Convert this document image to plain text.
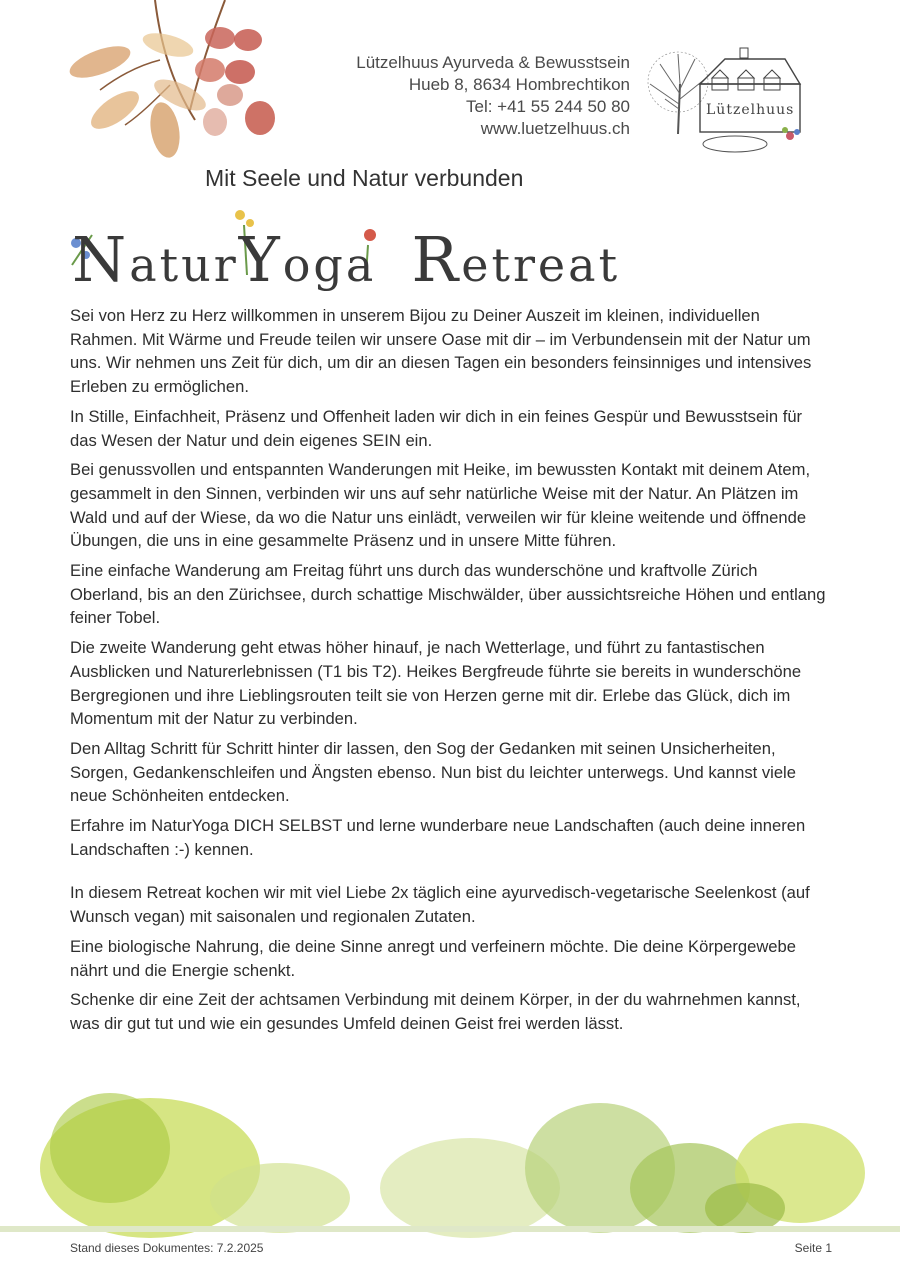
Lützelhuus Ayurveda & Bewusstsein
Hueb 8, 8634 Hombrechtikon
Tel: +41 55 244 50 80
www.luetzelhuus.ch
Lützelhuus
Mit Seele und Natur verbunden
NaturYoga Retreat

Sei von Herz zu Herz willkommen in unserem Bijou zu Deiner Auszeit im kleinen, individuellen Rahmen. Mit Wärme und Freude teilen wir unsere Oase mit dir – im Verbundensein mit der Natur um uns. Wir nehmen uns Zeit für dich, um dir an diesen Tagen ein besonders feinsinniges und intensives Erleben zu ermöglichen.

In Stille, Einfachheit, Präsenz und Offenheit laden wir dich in ein feines Gespür und Bewusstsein für das Wesen der Natur und dein eigenes SEIN ein.

Bei genussvollen und entspannten Wanderungen mit Heike, im bewussten Kontakt mit deinem Atem, gesammelt in den Sinnen, verbinden wir uns auf sehr natürliche Weise mit der Natur. An Plätzen im Wald und auf der Wiese, da wo die Natur uns einlädt, verweilen wir für kleine weitende und öffnende Übungen, die uns in eine gesammelte Präsenz und in unsere Mitte führen.

Eine einfache Wanderung am Freitag führt uns durch das wunderschöne und kraftvolle Zürich Oberland, bis an den Zürichsee, durch schattige Mischwälder, über aussichtsreiche Höhen und entlang feiner Tobel.

Die zweite Wanderung geht etwas höher hinauf, je nach Wetterlage, und führt zu fantastischen Ausblicken und Naturerlebnissen (T1 bis T2). Heikes Bergfreude führte sie bereits in wunderschöne Bergregionen und ihre Lieblingsrouten teilt sie von Herzen gerne mit dir. Erlebe das Glück, dich im Momentum mit der Natur zu verbinden.

Den Alltag Schritt für Schritt hinter dir lassen, den Sog der Gedanken mit seinen Unsicherheiten, Sorgen, Gedankenschleifen und Ängsten ebenso. Nun bist du leichter unterwegs. Und kannst viele neue Schönheiten entdecken.

Erfahre im NaturYoga DICH SELBST und lerne wunderbare neue Landschaften (auch deine inneren Landschaften :-) kennen.

In diesem Retreat kochen wir mit viel Liebe 2x täglich eine ayurvedisch-vegetarische Seelenkost (auf Wunsch vegan) mit saisonalen und regionalen Zutaten.

Eine biologische Nahrung, die deine Sinne anregt und verfeinern möchte. Die deine Körpergewebe nährt und die Energie schenkt.

Schenke dir eine Zeit der achtsamen Verbindung mit deinem Körper, in der du wahrnehmen kannst, was dir gut tut und wie ein gesundes Umfeld deinen Geist frei werden lässt.

Stand dieses Dokumentes: 7.2.2025	Seite 1
